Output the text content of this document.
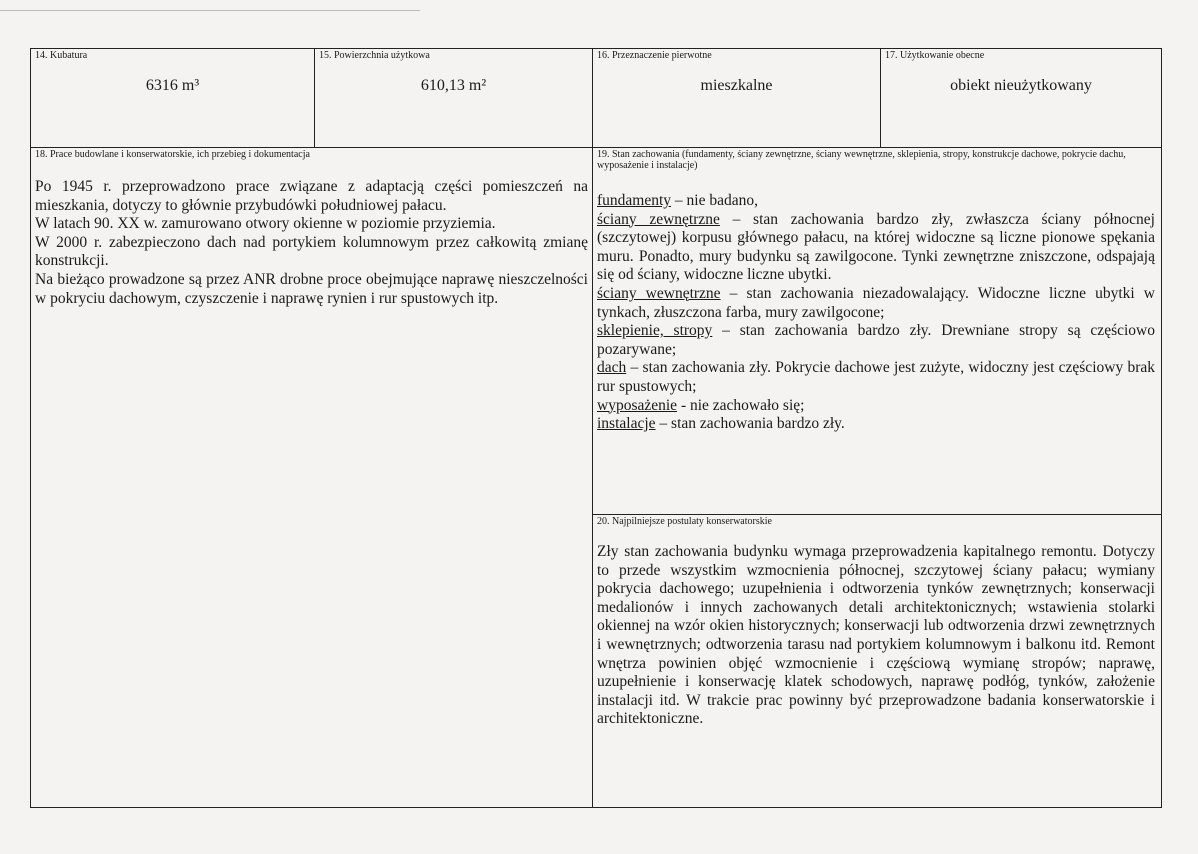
14. Kubatura
6316 m³
15. Powierzchnia użytkowa
610,13 m²
16. Przeznaczenie pierwotne
mieszkalne
17. Użytkowanie obecne
obiekt nieużytkowany
18. Prace budowlane i konserwatorskie, ich przebieg i dokumentacja

Po 1945 r. przeprowadzono prace związane z adaptacją części pomieszczeń na mieszkania, dotyczy to głównie przybudówki południowej pałacu.

W latach 90. XX w. zamurowano otwory okienne w poziomie przyziemia.

W 2000 r. zabezpieczono dach nad portykiem kolumnowym przez całkowitą zmianę konstrukcji.

Na bieżąco prowadzone są przez ANR drobne proce obejmujące naprawę nieszczelności w pokryciu dachowym, czyszczenie i naprawę rynien i rur spustowych itp.

19. Stan zachowania (fundamenty, ściany zewnętrzne, ściany wewnętrzne, sklepienia, stropy, konstrukcje dachowe, pokrycie dachu, wyposażenie i instalacje)

fundamenty – nie badano,

ściany zewnętrzne – stan zachowania bardzo zły, zwłaszcza ściany północnej (szczytowej) korpusu głównego pałacu, na której widoczne są liczne pionowe spękania muru. Ponadto, mury budynku są zawilgocone. Tynki zewnętrzne zniszczone, odspajają się od ściany, widoczne liczne ubytki.

ściany wewnętrzne – stan zachowania niezadowalający. Widoczne liczne ubytki w tynkach, złuszczona farba, mury zawilgocone;

sklepienie, stropy – stan zachowania bardzo zły. Drewniane stropy są częściowo pozarywane;

dach – stan zachowania zły. Pokrycie dachowe jest zużyte, widoczny jest częściowy brak rur spustowych;

wyposażenie - nie zachowało się;

instalacje – stan zachowania bardzo zły.

20. Najpilniejsze postulaty konserwatorskie
Zły stan zachowania budynku wymaga przeprowadzenia kapitalnego remontu. Dotyczy to przede wszystkim wzmocnienia północnej, szczytowej ściany pałacu; wymiany pokrycia dachowego; uzupełnienia i odtworzenia tynków zewnętrznych; konserwacji medalionów i innych zachowanych detali architektonicznych; wstawienia stolarki okiennej na wzór okien historycznych; konserwacji lub odtworzenia drzwi zewnętrznych i wewnętrznych; odtworzenia tarasu nad portykiem kolumnowym i balkonu itd. Remont wnętrza powinien objęć wzmocnienie i częściową wymianę stropów; naprawę, uzupełnienie i konserwację klatek schodowych, naprawę podłóg, tynków, założenie instalacji itd. W trakcie prac powinny być przeprowadzone badania konserwatorskie i architektoniczne.
